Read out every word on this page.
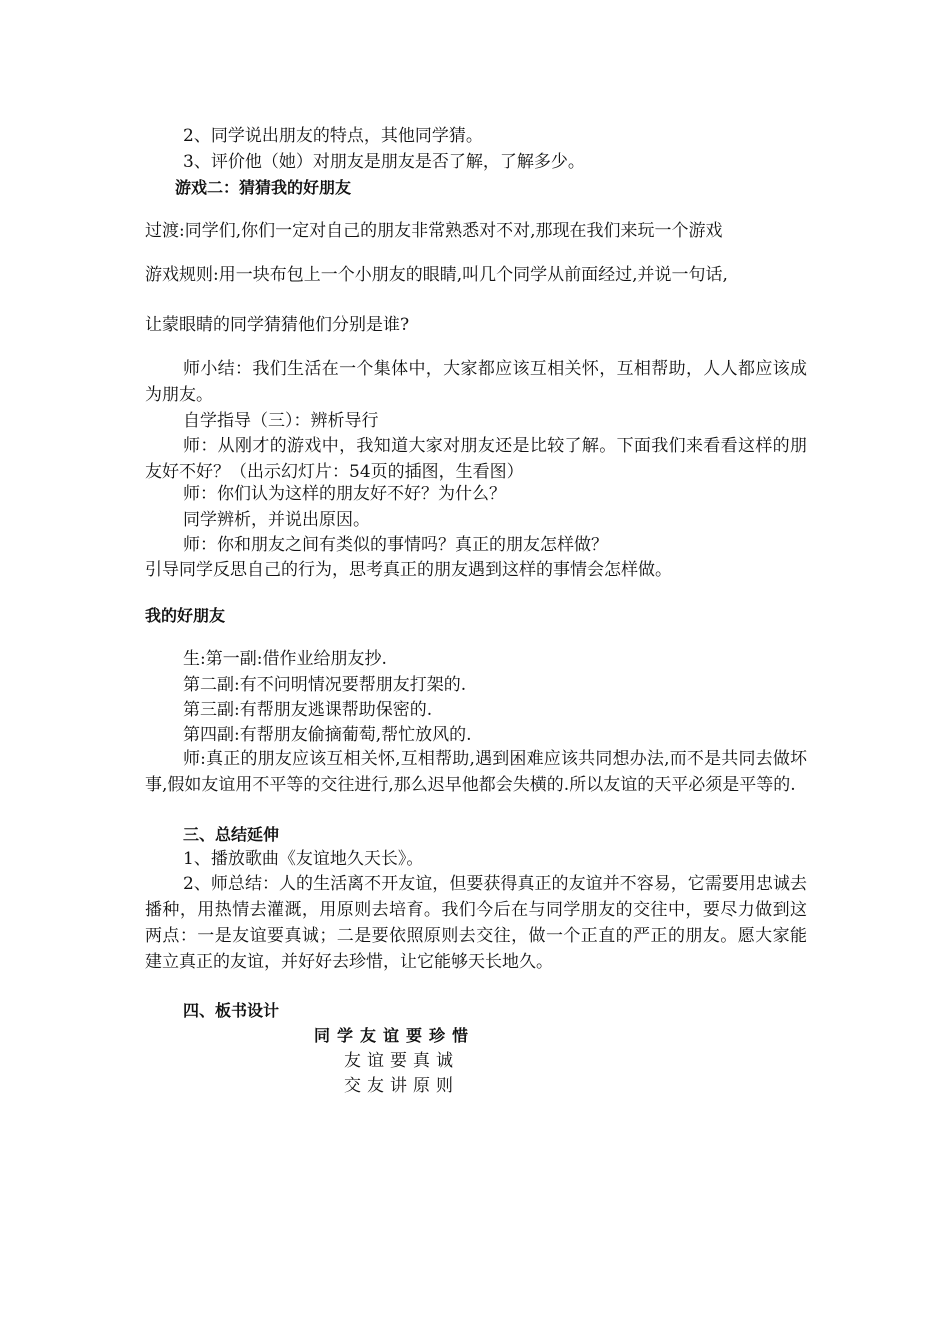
2、同学说出朋友的特点，其他同学猜。

3、评价他（她）对朋友是朋友是否了解，了解多少。

游戏二：猜猜我的好朋友

过渡:同学们,你们一定对自己的朋友非常熟悉对不对,那现在我们来玩一个游戏

游戏规则:用一块布包上一个小朋友的眼睛,叫几个同学从前面经过,并说一句话,

让蒙眼睛的同学猜猜他们分别是谁?

师小结：我们生活在一个集体中，大家都应该互相关怀，互相帮助，人人都应该成为朋友。

自学指导（三）：辨析导行

师：从刚才的游戏中，我知道大家对朋友还是比较了解。下面我们来看看这样的朋友好不好？（出示幻灯片：54页的插图，生看图）

师：你们认为这样的朋友好不好？为什么？

同学辨析，并说出原因。

师：你和朋友之间有类似的事情吗？真正的朋友怎样做？

引导同学反思自己的行为，思考真正的朋友遇到这样的事情会怎样做。

我的好朋友

生:第一副:借作业给朋友抄.

第二副:有不问明情况要帮朋友打架的.

第三副:有帮朋友逃课帮助保密的.

第四副:有帮朋友偷摘葡萄,帮忙放风的.

师:真正的朋友应该互相关怀,互相帮助,遇到困难应该共同想办法,而不是共同去做坏事,假如友谊用不平等的交往进行,那么迟早他都会失横的.所以友谊的天平必须是平等的.

三、总结延伸

1、播放歌曲《友谊地久天长》。

2、师总结：人的生活离不开友谊，但要获得真正的友谊并不容易，它需要用忠诚去播种，用热情去灌溉，用原则去培育。我们今后在与同学朋友的交往中，要尽力做到这两点：一是友谊要真诚；二是要依照原则去交往，做一个正直的严正的朋友。愿大家能建立真正的友谊，并好好去珍惜，让它能够天长地久。

四、板书设计

同学友谊要珍惜
友谊要真诚
交友讲原则
